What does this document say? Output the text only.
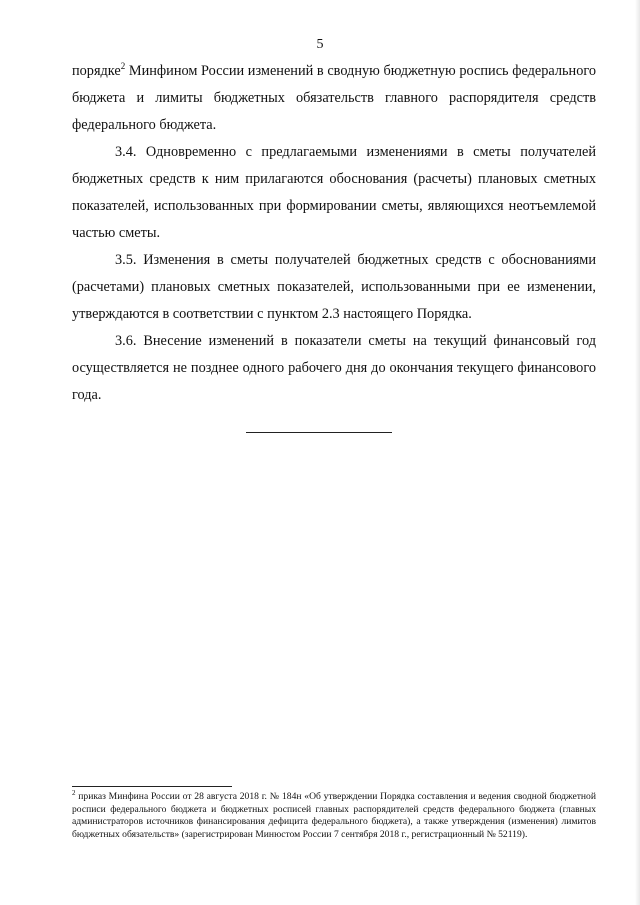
5

порядке$^2$ Минфином России изменений в сводную бюджетную роспись федерального бюджета и лимиты бюджетных обязательств главного распорядителя средств федерального бюджета.

3.4. Одновременно с предлагаемыми изменениями в сметы получателей бюджетных средств к ним прилагаются обоснования (расчеты) плановых сметных показателей, использованных при формировании сметы, являющихся неотъемлемой частью сметы.

3.5. Изменения в сметы получателей бюджетных средств с обоснованиями (расчетами) плановых сметных показателей, использованными при ее изменении, утверждаются в соответствии с пунктом 2.3 настоящего Порядка.

3.6. Внесение изменений в показатели сметы на текущий финансовый год осуществляется не позднее одного рабочего дня до окончания текущего финансового года.

$^2$ приказ Минфина России от 28 августа 2018 г. № 184н «Об утверждении Порядка составления и ведения сводной бюджетной росписи федерального бюджета и бюджетных росписей главных распорядителей средств федерального бюджета (главных администраторов источников финансирования дефицита федерального бюджета), а также утверждения (изменения) лимитов бюджетных обязательств» (зарегистрирован Минюстом России 7 сентября 2018 г., регистрационный № 52119).
